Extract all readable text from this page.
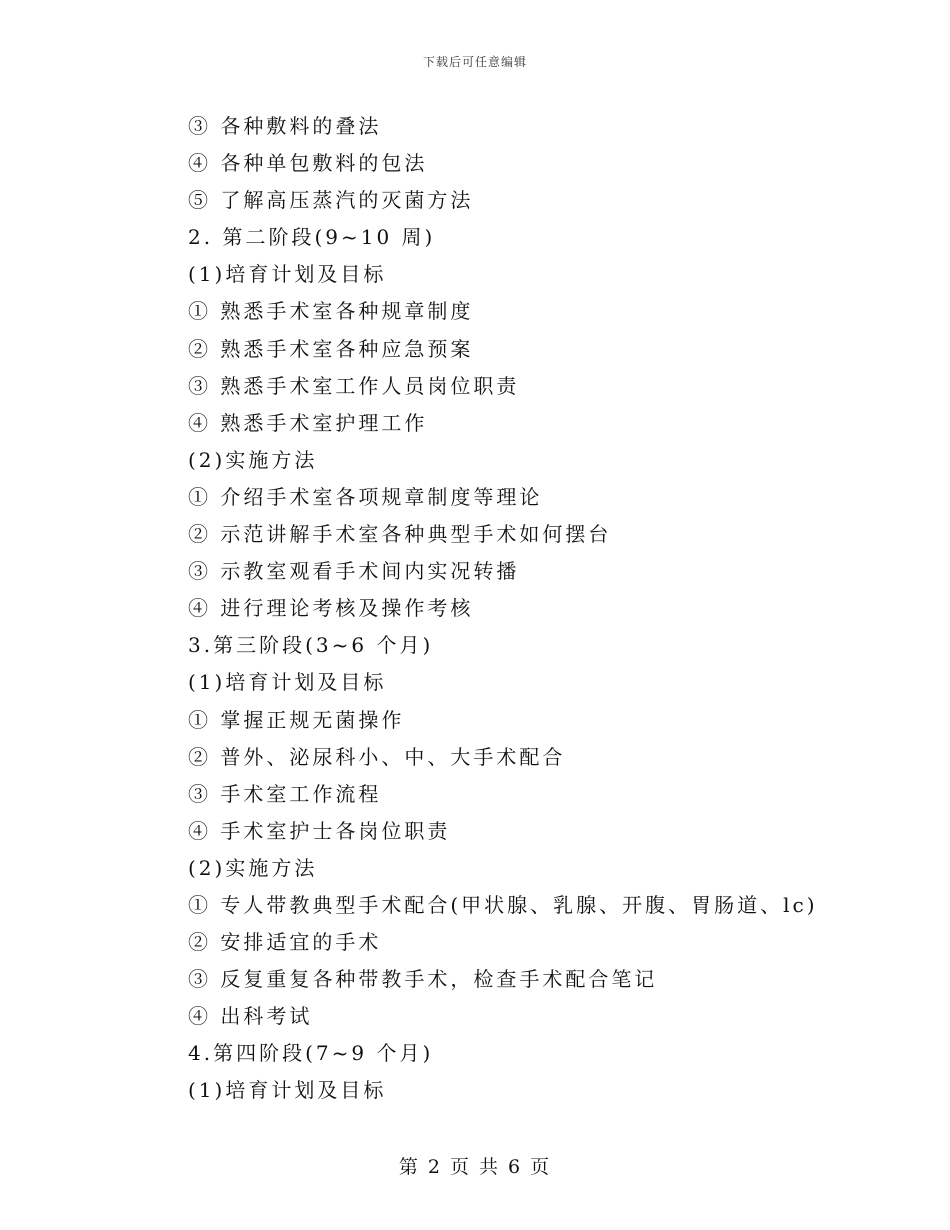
下载后可任意编辑
③ 各种敷料的叠法
④ 各种单包敷料的包法
⑤ 了解高压蒸汽的灭菌方法
2. 第二阶段(9~10 周)
(1)培育计划及目标
① 熟悉手术室各种规章制度
② 熟悉手术室各种应急预案
③ 熟悉手术室工作人员岗位职责
④ 熟悉手术室护理工作
(2)实施方法
① 介绍手术室各项规章制度等理论
② 示范讲解手术室各种典型手术如何摆台
③ 示教室观看手术间内实况转播
④ 进行理论考核及操作考核
3.第三阶段(3~6 个月)
(1)培育计划及目标
① 掌握正规无菌操作
② 普外、泌尿科小、中、大手术配合
③ 手术室工作流程
④ 手术室护士各岗位职责
(2)实施方法
① 专人带教典型手术配合(甲状腺、乳腺、开腹、胃肠道、lc)
② 安排适宜的手术
③ 反复重复各种带教手术，检查手术配合笔记
④ 出科考试
4.第四阶段(7~9 个月)
(1)培育计划及目标
第 2 页 共 6 页
